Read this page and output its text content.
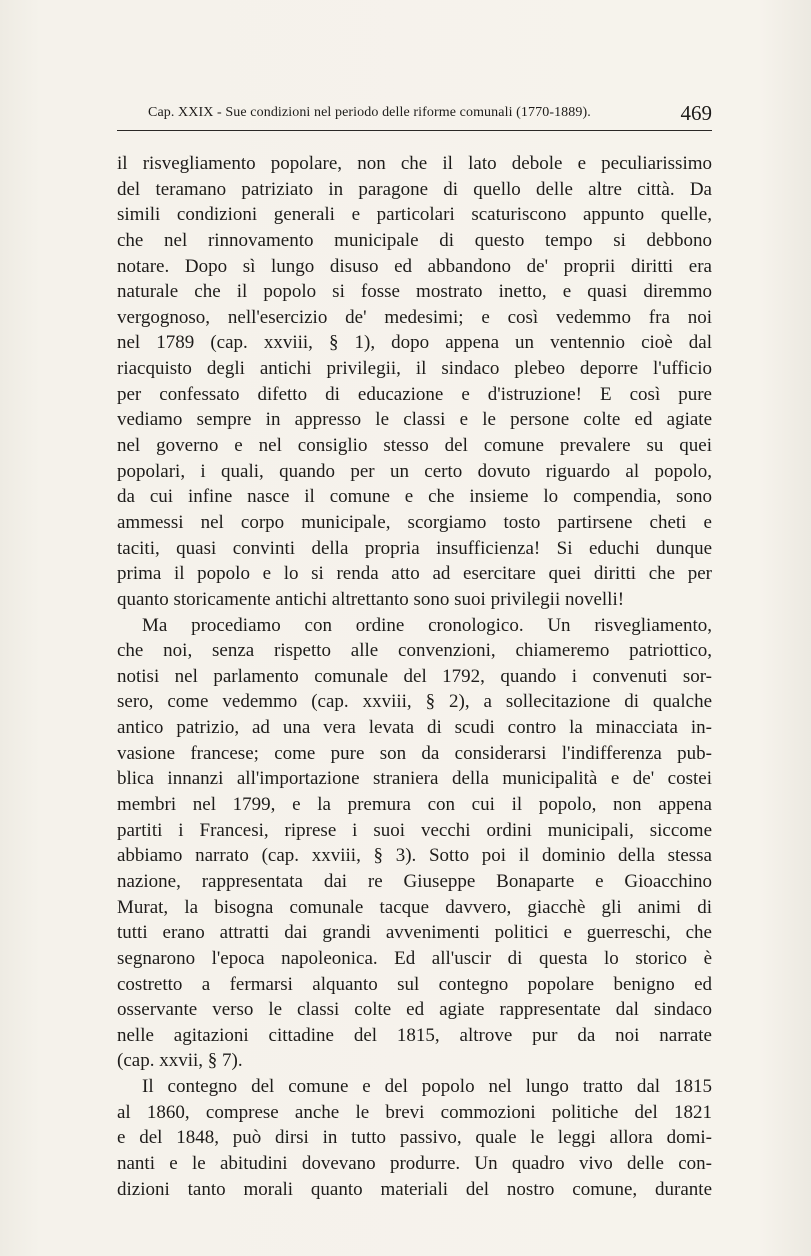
Cap. XXIX - Sue condizioni nel periodo delle riforme comunali (1770-1889).	469
il risvegliamento popolare, non che il lato debole e peculiarissimo
del teramano patriziato in paragone di quello delle altre città. Da
simili condizioni generali e particolari scaturiscono appunto quelle,
che nel rinnovamento municipale di questo tempo si debbono
notare. Dopo sì lungo disuso ed abbandono de' proprii diritti era
naturale che il popolo si fosse mostrato inetto, e quasi diremmo
vergognoso, nell'esercizio de' medesimi; e così vedemmo fra noi
nel 1789 (cap. xxviii, § 1), dopo appena un ventennio cioè dal
riacquisto degli antichi privilegii, il sindaco plebeo deporre l'ufficio
per confessato difetto di educazione e d'istruzione! E così pure
vediamo sempre in appresso le classi e le persone colte ed agiate
nel governo e nel consiglio stesso del comune prevalere su quei
popolari, i quali, quando per un certo dovuto riguardo al popolo,
da cui infine nasce il comune e che insieme lo compendia, sono
ammessi nel corpo municipale, scorgiamo tosto partirsene cheti e
taciti, quasi convinti della propria insufficienza! Si educhi dunque
prima il popolo e lo si renda atto ad esercitare quei diritti che per
quanto storicamente antichi altrettanto sono suoi privilegii novelli!
Ma procediamo con ordine cronologico. Un risvegliamento,
che noi, senza rispetto alle convenzioni, chiameremo patriottico,
notisi nel parlamento comunale del 1792, quando i convenuti sor-
sero, come vedemmo (cap. xxviii, § 2), a sollecitazione di qualche
antico patrizio, ad una vera levata di scudi contro la minacciata in-
vasione francese; come pure son da considerarsi l'indifferenza pub-
blica innanzi all'importazione straniera della municipalità e de' costei
membri nel 1799, e la premura con cui il popolo, non appena
partiti i Francesi, riprese i suoi vecchi ordini municipali, siccome
abbiamo narrato (cap. xxviii, § 3). Sotto poi il dominio della stessa
nazione, rappresentata dai re Giuseppe Bonaparte e Gioacchino
Murat, la bisogna comunale tacque davvero, giacchè gli animi di
tutti erano attratti dai grandi avvenimenti politici e guerreschi, che
segnarono l'epoca napoleonica. Ed all'uscir di questa lo storico è
costretto a fermarsi alquanto sul contegno popolare benigno ed
osservante verso le classi colte ed agiate rappresentate dal sindaco
nelle agitazioni cittadine del 1815, altrove pur da noi narrate
(cap. xxvii, § 7).
Il contegno del comune e del popolo nel lungo tratto dal 1815
al 1860, comprese anche le brevi commozioni politiche del 1821
e del 1848, può dirsi in tutto passivo, quale le leggi allora domi-
nanti e le abitudini dovevano produrre. Un quadro vivo delle con-
dizioni tanto morali quanto materiali del nostro comune, durante
